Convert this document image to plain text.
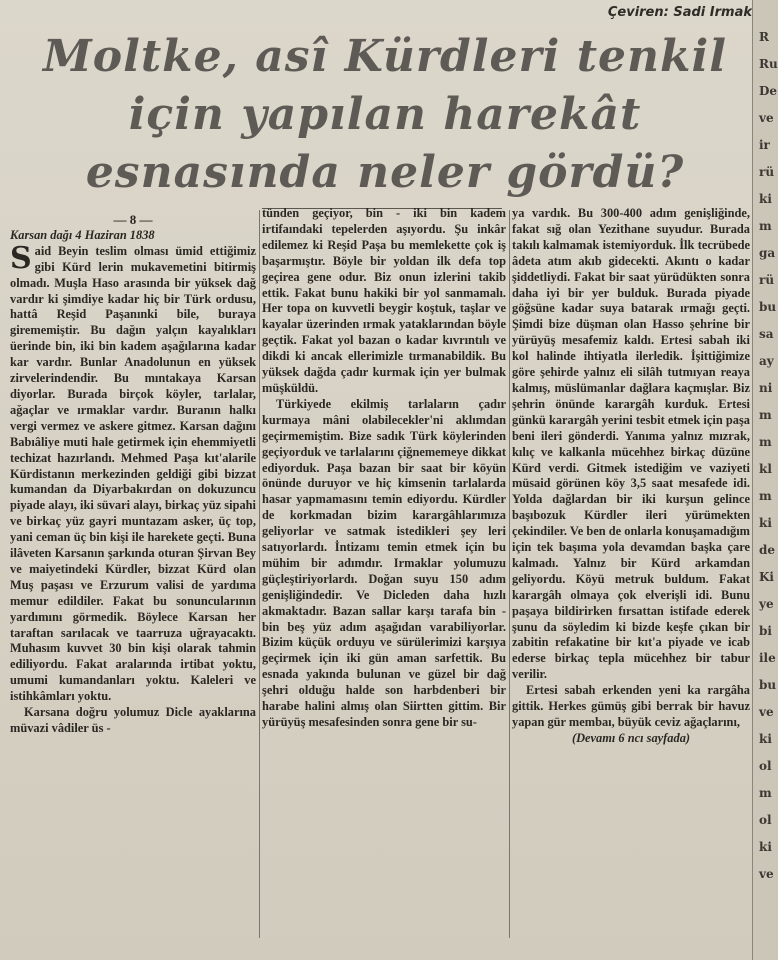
Çeviren: Sadi Irmak
Moltke, asî Kürdleri tenkil
için yapılan harekât
esnasında neler gördü?
— 8 —
Karsan dağı 4 Haziran 1838

Said Beyin teslim olması ümid ettiğimiz gibi Kürd lerin mukavemetini bitirmiş olmadı. Muşla Haso arasında bir yüksek dağ vardır ki şimdiye kadar hiç bir Türk ordusu, hattâ Reşid Paşanınki bile, buraya girememiştir. Bu dağın yalçın kayalıkları üerinde bin, iki bin kadem aşağılarına kadar kar vardır. Bunlar Anadolunun en yüksek zirvelerindendir. Bu mıntakaya Karsan diyorlar. Burada birçok köyler, tarlalar, ağaçlar ve ırmaklar vardır. Buranın halkı vergi vermez ve askere gitmez. Karsan dağını Babıâliye muti hale getirmek için ehemmiyetli techizat hazırlandı. Mehmed Paşa kıt'alarile Kürdistanın merkezinden geldiği gibi bizzat kumandan da Diyarbakırdan on dokuzuncu piyade alayı, iki süvari alayı, birkaç yüz sipahi ve birkaç yüz gayri muntazam asker, üç top, yani ceman üç bin kişi ile harekete geçti. Buna ilâveten Karsanın şarkında oturan Şirvan Bey ve maiyetindeki Kürdler, bizzat Kürd olan Muş paşası ve Erzurum valisi de yardıma memur edildiler. Fakat bu sonuncularının yardımını görmedik. Böylece Karsan her taraftan sarılacak ve taarruza uğrayacaktı. Muhasım kuvvet 30 bin kişi olarak tahmin ediliyordu. Fakat aralarında irtibat yoktu, umumi kumandanları yoktu. Kaleleri ve istihkâmları yoktu.

Karsana doğru yolumuz Dicle ayaklarına müvazi vâdiler üs -

tünden geçiyor, bin - iki bin kadem irtifaındaki tepelerden aşıyordu. Şu inkâr edilemez ki Reşid Paşa bu memlekette çok iş başarmıştır. Böyle bir yoldan ilk defa top geçirea gene odur. Biz onun izlerini takib ettik. Fakat bunu hakiki bir yol sanmamalı. Her topa on kuvvetli beygir koştuk, taşlar ve kayalar üzerinden ırmak yataklarından böyle geçtik. Fakat yol bazan o kadar kıvrıntılı ve dikdi ki ancak ellerimizle tırmanabildik. Bu yüksek dağda çadır kurmak için yer bulmak müşküldü.

Türkiyede ekilmiş tarlaların çadır kurmaya mâni olabilecekler'ni aklımdan geçirmemiştim. Bize sadık Türk köylerinden geçiyorduk ve tarlalarını çiğnememeye dikkat ediyorduk. Paşa bazan bir saat bir köyün önünde duruyor ve hiç kimsenin tarlalarda hasar yapmamasını temin ediyordu. Kürdler de korkmadan bizim karargâhlarımıza geliyorlar ve satmak istedikleri şey leri satıyorlardı. İntizamı temin etmek için bu mühim bir adımdır. Irmaklar yolumuzu güçleştiriyorlardı. Doğan suyu 150 adım genişliğindedir. Ve Dicleden daha hızlı akmaktadır. Bazan sallar karşı tarafa bin - bin beş yüz adım aşağıdan varabiliyorlar. Bizim küçük orduyu ve sürülerimizi karşıya geçirmek için iki gün aman sarfettik. Bu esnada yakında bulunan ve güzel bir dağ şehri olduğu halde son harbdenberi bir harabe halini almış olan Siirtten gittim. Bir yürüyüş mesafesinden sonra gene bir su-

ya vardık. Bu 300-400 adım genişliğinde, fakat sığ olan Yezithane suyudur. Burada takılı kalmamak istemiyorduk. İlk tecrübede âdeta atım akıb gidecekti. Akıntı o kadar şiddetliydi. Fakat bir saat yürüdükten sonra daha iyi bir yer bulduk. Burada piyade göğsüne kadar suya batarak ırmağı geçti. Şimdi bize düşman olan Hasso şehrine bir yürüyüş mesafemiz kaldı. Ertesi sabah iki kol halinde ihtiyatla ilerledik. İşittiğimize göre şehirde yalnız eli silâh tutmıyan reaya kalmış, müslümanlar dağlara kaçmışlar. Biz şehrin önünde karargâh kurduk. Ertesi günkü karargâh yerini tesbit etmek için paşa beni ileri gönderdi. Yanıma yalnız mızrak, kılıç ve kalkanla mücehhez birkaç düzüne Kürd verdi. Gitmek istediğim ve vaziyeti müsaid görünen köy 3,5 saat mesafede idi. Yolda dağlardan bir iki kurşun gelince başıbozuk Kürdler ileri yürümekten çekindiler. Ve ben de onlarla konuşamadığım için tek başıma yola devamdan başka çare kalmadı. Yalnız bir Kürd arkamdan geliyordu. Köyü metruk buldum. Fakat karargâh olmaya çok elverişli idi. Bunu paşaya bildirirken fırsattan istifade ederek şunu da söyledim ki bizde keşfe çıkan bir zabitin refakatine bir kıt'a piyade ve icab ederse birkaç tepla mücehhez bir tabur verilir.

Ertesi sabah erkenden yeni ka rargâha gittik. Herkes gümüş gibi berrak bir havuz yapan gür membaı, büyük ceviz ağaçlarını,

(Devamı 6 ncı sayfada)
R
Ru
De
ve
ir
rü
ki
m
ga
rü
bu
sa
ay
ni
m
m
kl
m
ki
de
Ki
ye
bi
ile
bu
ve
ki
ol
m
ol
ki
ve
